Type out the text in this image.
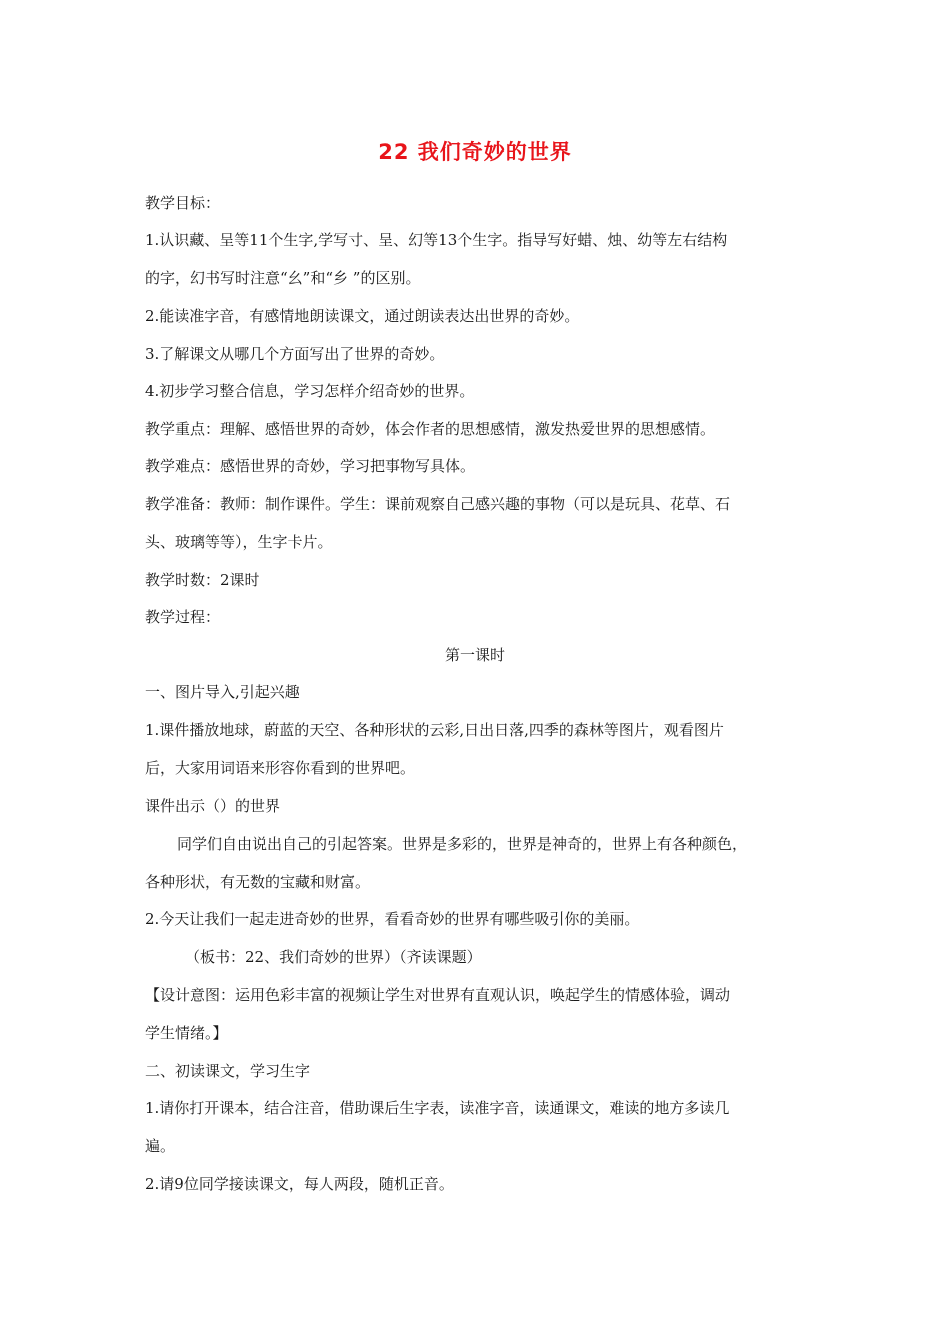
22 我们奇妙的世界
教学目标：
1.认识藏、呈等11个生字,学写寸、呈、幻等13个生字。指导写好蜡、烛、幼等左右结构
的字，幻书写时注意“幺”和“乡 ”的区别。
2.能读准字音，有感情地朗读课文，通过朗读表达出世界的奇妙。
3.了解课文从哪几个方面写出了世界的奇妙。
4.初步学习整合信息，学习怎样介绍奇妙的世界。
教学重点：理解、感悟世界的奇妙，体会作者的思想感情，激发热爱世界的思想感情。
教学难点：感悟世界的奇妙，学习把事物写具体。
教学准备：教师：制作课件。学生：课前观察自己感兴趣的事物（可以是玩具、花草、石
头、玻璃等等），生字卡片。
教学时数：2课时
教学过程：
第一课时
一、图片导入,引起兴趣
1.课件播放地球，蔚蓝的天空、各种形状的云彩,日出日落,四季的森林等图片，观看图片
后，大家用词语来形容你看到的世界吧。
课件出示（）的世界
同学们自由说出自己的引起答案。世界是多彩的，世界是神奇的，世界上有各种颜色，
各种形状，有无数的宝藏和财富。
2.今天让我们一起走进奇妙的世界，看看奇妙的世界有哪些吸引你的美丽。
（板书：22、我们奇妙的世界）（齐读课题）
【设计意图：运用色彩丰富的视频让学生对世界有直观认识，唤起学生的情感体验，调动
学生情绪。】
二、初读课文，学习生字
1.请你打开课本，结合注音，借助课后生字表，读准字音，读通课文，难读的地方多读几
遍。
2.请9位同学接读课文，每人两段，随机正音。
